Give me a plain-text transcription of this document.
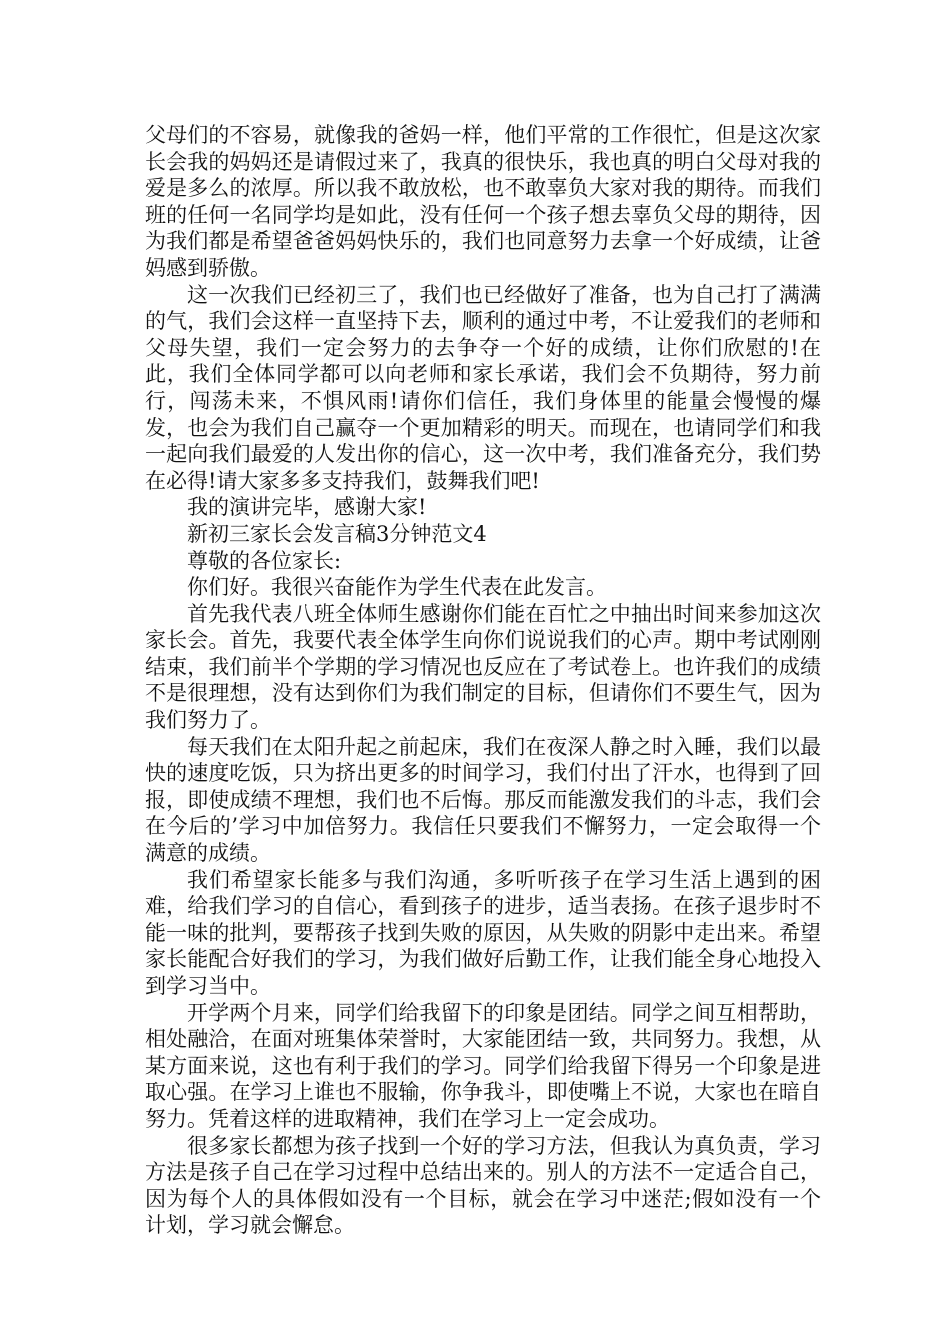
父母们的不容易，就像我的爸妈一样，他们平常的工作很忙，但是这次家长会我的妈妈还是请假过来了，我真的很快乐，我也真的明白父母对我的爱是多么的浓厚。所以我不敢放松，也不敢辜负大家对我的期待。而我们班的任何一名同学均是如此，没有任何一个孩子想去辜负父母的期待，因为我们都是希望爸爸妈妈快乐的，我们也同意努力去拿一个好成绩，让爸妈感到骄傲。

这一次我们已经初三了，我们也已经做好了准备，也为自己打了满满的气，我们会这样一直坚持下去，顺利的通过中考，不让爱我们的老师和父母失望，我们一定会努力的去争夺一个好的成绩，让你们欣慰的!在此，我们全体同学都可以向老师和家长承诺，我们会不负期待，努力前行，闯荡未来，不惧风雨!请你们信任，我们身体里的能量会慢慢的爆发，也会为我们自己赢夺一个更加精彩的明天。而现在，也请同学们和我一起向我们最爱的人发出你的信心，这一次中考，我们准备充分，我们势在必得!请大家多多支持我们，鼓舞我们吧!

我的演讲完毕，感谢大家!

新初三家长会发言稿3分钟范文4

尊敬的各位家长:

你们好。我很兴奋能作为学生代表在此发言。

首先我代表八班全体师生感谢你们能在百忙之中抽出时间来参加这次家长会。首先，我要代表全体学生向你们说说我们的心声。期中考试刚刚结束，我们前半个学期的学习情况也反应在了考试卷上。也许我们的成绩不是很理想，没有达到你们为我们制定的目标，但请你们不要生气，因为我们努力了。

每天我们在太阳升起之前起床，我们在夜深人静之时入睡，我们以最快的速度吃饭，只为挤出更多的时间学习，我们付出了汗水，也得到了回报，即使成绩不理想，我们也不后悔。那反而能激发我们的斗志，我们会在今后的’学习中加倍努力。我信任只要我们不懈努力，一定会取得一个满意的成绩。

我们希望家长能多与我们沟通，多听听孩子在学习生活上遇到的困难，给我们学习的自信心，看到孩子的进步，适当表扬。在孩子退步时不能一味的批判，要帮孩子找到失败的原因，从失败的阴影中走出来。希望家长能配合好我们的学习，为我们做好后勤工作，让我们能全身心地投入到学习当中。

开学两个月来，同学们给我留下的印象是团结。同学之间互相帮助，相处融洽，在面对班集体荣誉时，大家能团结一致，共同努力。我想，从某方面来说，这也有利于我们的学习。同学们给我留下得另一个印象是进取心强。在学习上谁也不服输，你争我斗，即使嘴上不说，大家也在暗自努力。凭着这样的进取精神，我们在学习上一定会成功。

很多家长都想为孩子找到一个好的学习方法，但我认为真负责，学习方法是孩子自己在学习过程中总结出来的。别人的方法不一定适合自己，因为每个人的具体假如没有一个目标，就会在学习中迷茫;假如没有一个计划，学习就会懈怠。
